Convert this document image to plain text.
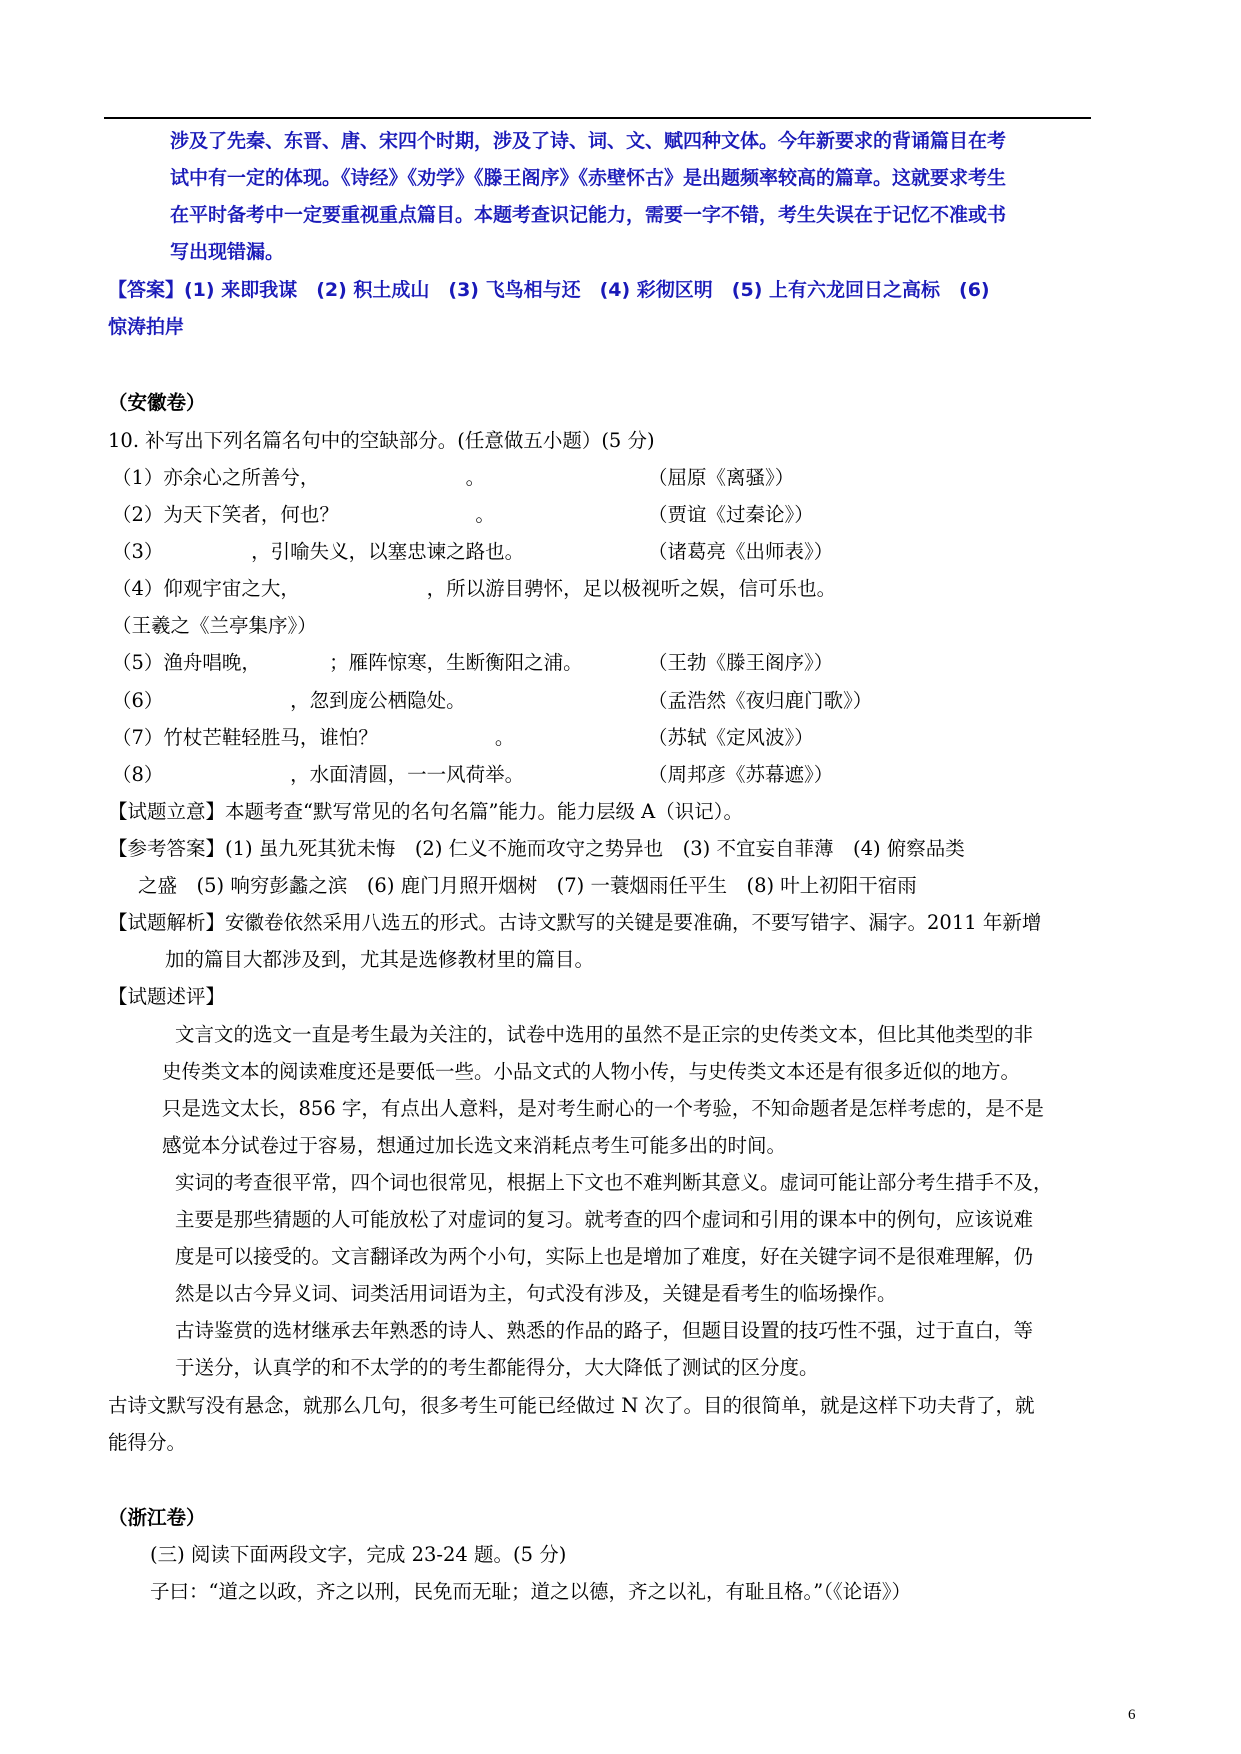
涉及了先秦、东晋、唐、宋四个时期，涉及了诗、词、文、赋四种文体。今年新要求的背诵篇目在考
试中有一定的体现。《诗经》《劝学》《滕王阁序》《赤壁怀古》是出题频率较高的篇章。这就要求考生
在平时备考中一定要重视重点篇目。本题考查识记能力，需要一字不错，考生失误在于记忆不准或书
写出现错漏。
【答案】(1) 来即我谋　(2) 积土成山　(3) 飞鸟相与还　(4) 彩彻区明　(5) 上有六龙回日之高标　(6)
惊涛拍岸
（安徽卷）
10. 补写出下列名篇名句中的空缺部分。(任意做五小题）(5 分)
（1）亦余心之所善兮，　　　　　　　　。	（屈原《离骚》）
（2）为天下笑者，何也？　　　　　　　。	（贾谊《过秦论》）
（3）　　　　　，引喻失义，以塞忠谏之路也。	（诸葛亮《出师表》）
（4）仰观宇宙之大，　　　　　　　，所以游目骋怀，足以极视听之娱，信可乐也。
（王羲之《兰亭集序》）
（5）渔舟唱晚，　　　　；雁阵惊寒，生断衡阳之浦。	（王勃《滕王阁序》）
（6）　　　　　　　，忽到庞公栖隐处。	（孟浩然《夜归鹿门歌》）
（7）竹杖芒鞋轻胜马，谁怕？　　　　　　。	（苏轼《定风波》）
（8）　　　　　　　，水面清圆，一一风荷举。	（周邦彦《苏幕遮》）
【试题立意】本题考查“默写常见的名句名篇”能力。能力层级 A（识记）。
【参考答案】(1) 虽九死其犹未悔　(2) 仁义不施而攻守之势异也　(3) 不宜妄自菲薄　(4) 俯察品类
之盛　(5) 响穷彭蠡之滨　(6) 鹿门月照开烟树　(7) 一蓑烟雨任平生　(8) 叶上初阳干宿雨
【试题解析】安徽卷依然采用八选五的形式。古诗文默写的关键是要准确，不要写错字、漏字。2011 年新增
加的篇目大都涉及到，尤其是选修教材里的篇目。
【试题述评】
文言文的选文一直是考生最为关注的，试卷中选用的虽然不是正宗的史传类文本，但比其他类型的非
史传类文本的阅读难度还是要低一些。小品文式的人物小传，与史传类文本还是有很多近似的地方。
只是选文太长，856 字，有点出人意料，是对考生耐心的一个考验，不知命题者是怎样考虑的，是不是
感觉本分试卷过于容易，想通过加长选文来消耗点考生可能多出的时间。
实词的考查很平常，四个词也很常见，根据上下文也不难判断其意义。虚词可能让部分考生措手不及，
主要是那些猜题的人可能放松了对虚词的复习。就考查的四个虚词和引用的课本中的例句，应该说难
度是可以接受的。文言翻译改为两个小句，实际上也是增加了难度，好在关键字词不是很难理解，仍
然是以古今异义词、词类活用词语为主，句式没有涉及，关键是看考生的临场操作。
古诗鉴赏的选材继承去年熟悉的诗人、熟悉的作品的路子，但题目设置的技巧性不强，过于直白，等
于送分，认真学的和不太学的的考生都能得分，大大降低了测试的区分度。
古诗文默写没有悬念，就那么几句，很多考生可能已经做过 N 次了。目的很简单，就是这样下功夫背了，就
能得分。
（浙江卷）
(三) 阅读下面两段文字，完成 23-24 题。(5 分)
子曰：“道之以政，齐之以刑，民免而无耻；道之以德，齐之以礼，有耻且格。”（《论语》）
6
